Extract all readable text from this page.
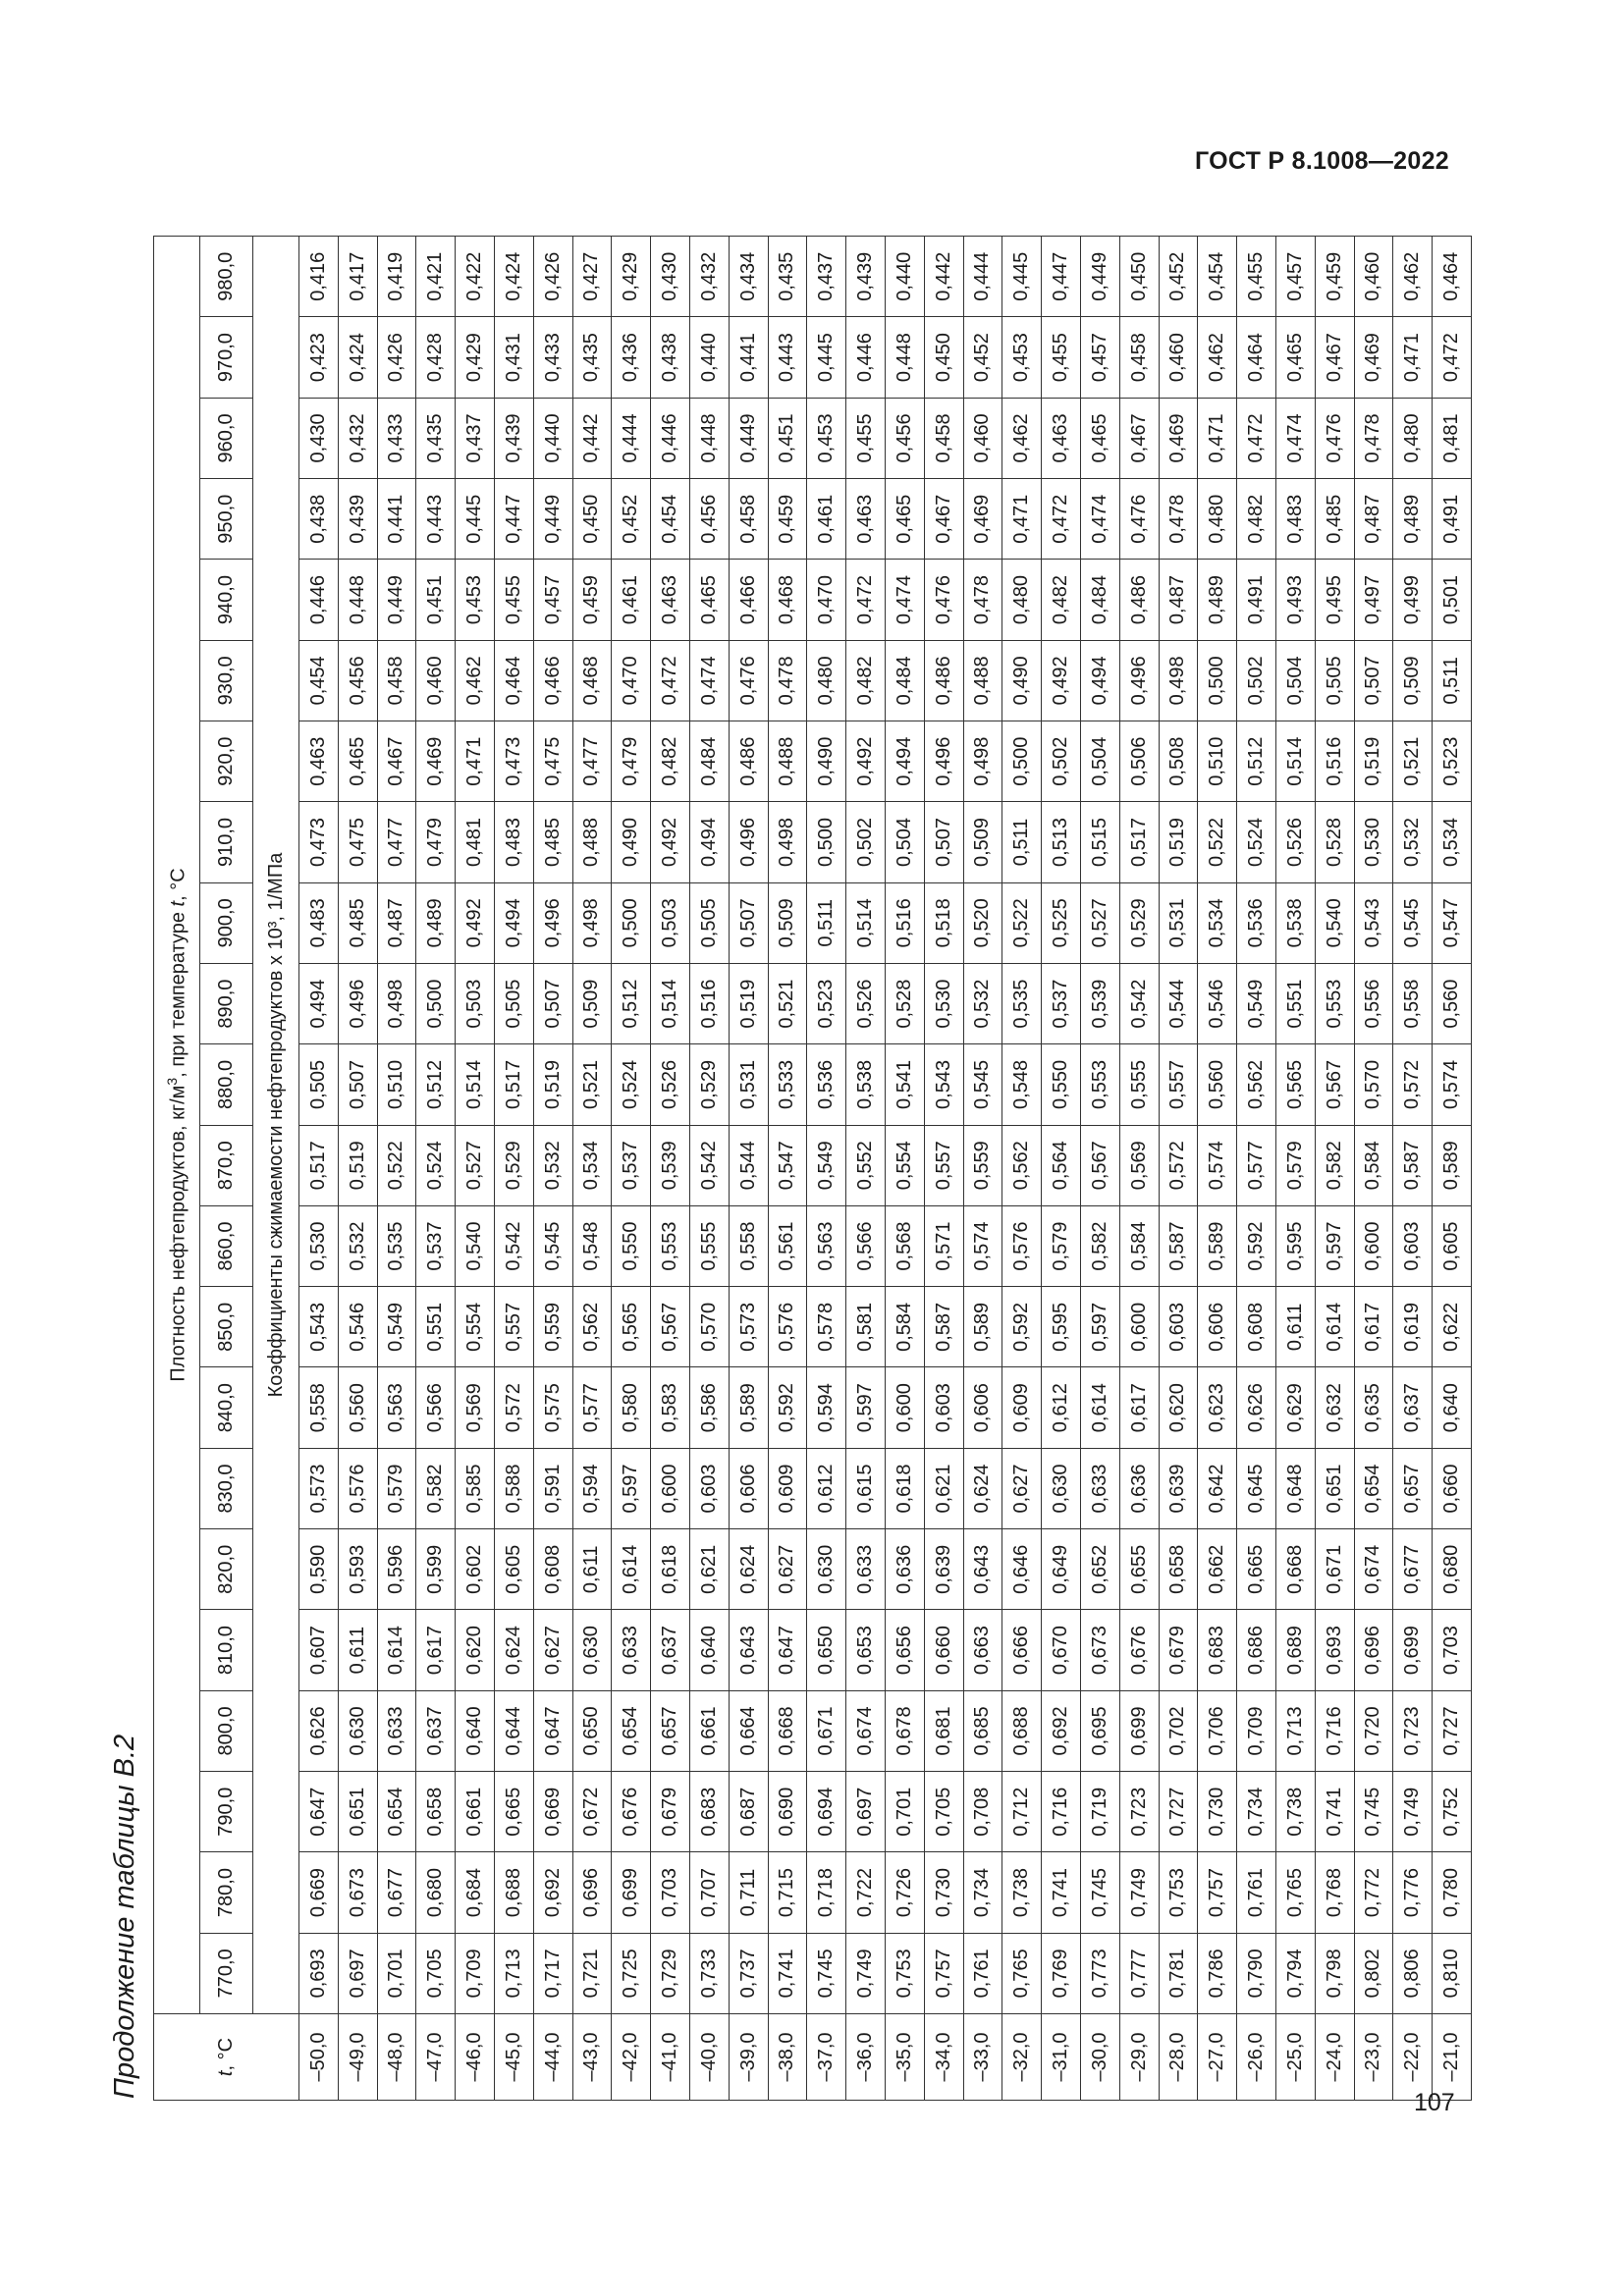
ГОСТ Р 8.1008—2022
Продолжение таблицы В.2	t, °С	Плотность нефтепродуктов, $кг/м^3$, при температуре t, °С																					
	770,0	780,0	790,0	800,0	810,0	820,0	830,0	840,0	850,0	860,0	870,0	880,0	890,0	900,0	910,0	920,0	930,0	940,0	950,0	960,0	970,0	980,0
	Коэффициенты сжимаемости нефтепродуктов х 10³, 1/МПа																					
–50,0	0,693	0,669	0,647	0,626	0,607	0,590	0,573	0,558	0,543	0,530	0,517	0,505	0,494	0,483	0,473	0,463	0,454	0,446	0,438	0,430	0,423	0,416
–49,0	0,697	0,673	0,651	0,630	0,611	0,593	0,576	0,560	0,546	0,532	0,519	0,507	0,496	0,485	0,475	0,465	0,456	0,448	0,439	0,432	0,424	0,417
–48,0	0,701	0,677	0,654	0,633	0,614	0,596	0,579	0,563	0,549	0,535	0,522	0,510	0,498	0,487	0,477	0,467	0,458	0,449	0,441	0,433	0,426	0,419
–47,0	0,705	0,680	0,658	0,637	0,617	0,599	0,582	0,566	0,551	0,537	0,524	0,512	0,500	0,489	0,479	0,469	0,460	0,451	0,443	0,435	0,428	0,421
–46,0	0,709	0,684	0,661	0,640	0,620	0,602	0,585	0,569	0,554	0,540	0,527	0,514	0,503	0,492	0,481	0,471	0,462	0,453	0,445	0,437	0,429	0,422
–45,0	0,713	0,688	0,665	0,644	0,624	0,605	0,588	0,572	0,557	0,542	0,529	0,517	0,505	0,494	0,483	0,473	0,464	0,455	0,447	0,439	0,431	0,424
–44,0	0,717	0,692	0,669	0,647	0,627	0,608	0,591	0,575	0,559	0,545	0,532	0,519	0,507	0,496	0,485	0,475	0,466	0,457	0,449	0,440	0,433	0,426
–43,0	0,721	0,696	0,672	0,650	0,630	0,611	0,594	0,577	0,562	0,548	0,534	0,521	0,509	0,498	0,488	0,477	0,468	0,459	0,450	0,442	0,435	0,427
–42,0	0,725	0,699	0,676	0,654	0,633	0,614	0,597	0,580	0,565	0,550	0,537	0,524	0,512	0,500	0,490	0,479	0,470	0,461	0,452	0,444	0,436	0,429
–41,0	0,729	0,703	0,679	0,657	0,637	0,618	0,600	0,583	0,567	0,553	0,539	0,526	0,514	0,503	0,492	0,482	0,472	0,463	0,454	0,446	0,438	0,430
–40,0	0,733	0,707	0,683	0,661	0,640	0,621	0,603	0,586	0,570	0,555	0,542	0,529	0,516	0,505	0,494	0,484	0,474	0,465	0,456	0,448	0,440	0,432
–39,0	0,737	0,711	0,687	0,664	0,643	0,624	0,606	0,589	0,573	0,558	0,544	0,531	0,519	0,507	0,496	0,486	0,476	0,466	0,458	0,449	0,441	0,434
–38,0	0,741	0,715	0,690	0,668	0,647	0,627	0,609	0,592	0,576	0,561	0,547	0,533	0,521	0,509	0,498	0,488	0,478	0,468	0,459	0,451	0,443	0,435
–37,0	0,745	0,718	0,694	0,671	0,650	0,630	0,612	0,594	0,578	0,563	0,549	0,536	0,523	0,511	0,500	0,490	0,480	0,470	0,461	0,453	0,445	0,437
–36,0	0,749	0,722	0,697	0,674	0,653	0,633	0,615	0,597	0,581	0,566	0,552	0,538	0,526	0,514	0,502	0,492	0,482	0,472	0,463	0,455	0,446	0,439
–35,0	0,753	0,726	0,701	0,678	0,656	0,636	0,618	0,600	0,584	0,568	0,554	0,541	0,528	0,516	0,504	0,494	0,484	0,474	0,465	0,456	0,448	0,440
–34,0	0,757	0,730	0,705	0,681	0,660	0,639	0,621	0,603	0,587	0,571	0,557	0,543	0,530	0,518	0,507	0,496	0,486	0,476	0,467	0,458	0,450	0,442
–33,0	0,761	0,734	0,708	0,685	0,663	0,643	0,624	0,606	0,589	0,574	0,559	0,545	0,532	0,520	0,509	0,498	0,488	0,478	0,469	0,460	0,452	0,444
–32,0	0,765	0,738	0,712	0,688	0,666	0,646	0,627	0,609	0,592	0,576	0,562	0,548	0,535	0,522	0,511	0,500	0,490	0,480	0,471	0,462	0,453	0,445
–31,0	0,769	0,741	0,716	0,692	0,670	0,649	0,630	0,612	0,595	0,579	0,564	0,550	0,537	0,525	0,513	0,502	0,492	0,482	0,472	0,463	0,455	0,447
–30,0	0,773	0,745	0,719	0,695	0,673	0,652	0,633	0,614	0,597	0,582	0,567	0,553	0,539	0,527	0,515	0,504	0,494	0,484	0,474	0,465	0,457	0,449
–29,0	0,777	0,749	0,723	0,699	0,676	0,655	0,636	0,617	0,600	0,584	0,569	0,555	0,542	0,529	0,517	0,506	0,496	0,486	0,476	0,467	0,458	0,450
–28,0	0,781	0,753	0,727	0,702	0,679	0,658	0,639	0,620	0,603	0,587	0,572	0,557	0,544	0,531	0,519	0,508	0,498	0,487	0,478	0,469	0,460	0,452
–27,0	0,786	0,757	0,730	0,706	0,683	0,662	0,642	0,623	0,606	0,589	0,574	0,560	0,546	0,534	0,522	0,510	0,500	0,489	0,480	0,471	0,462	0,454
–26,0	0,790	0,761	0,734	0,709	0,686	0,665	0,645	0,626	0,608	0,592	0,577	0,562	0,549	0,536	0,524	0,512	0,502	0,491	0,482	0,472	0,464	0,455
–25,0	0,794	0,765	0,738	0,713	0,689	0,668	0,648	0,629	0,611	0,595	0,579	0,565	0,551	0,538	0,526	0,514	0,504	0,493	0,483	0,474	0,465	0,457
–24,0	0,798	0,768	0,741	0,716	0,693	0,671	0,651	0,632	0,614	0,597	0,582	0,567	0,553	0,540	0,528	0,516	0,505	0,495	0,485	0,476	0,467	0,459
–23,0	0,802	0,772	0,745	0,720	0,696	0,674	0,654	0,635	0,617	0,600	0,584	0,570	0,556	0,543	0,530	0,519	0,507	0,497	0,487	0,478	0,469	0,460
–22,0	0,806	0,776	0,749	0,723	0,699	0,677	0,657	0,637	0,619	0,603	0,587	0,572	0,558	0,545	0,532	0,521	0,509	0,499	0,489	0,480	0,471	0,462
–21,0	0,810	0,780	0,752	0,727	0,703	0,680	0,660	0,640	0,622	0,605	0,589	0,574	0,560	0,547	0,534	0,523	0,511	0,501	0,491	0,481	0,472	0,464
107
